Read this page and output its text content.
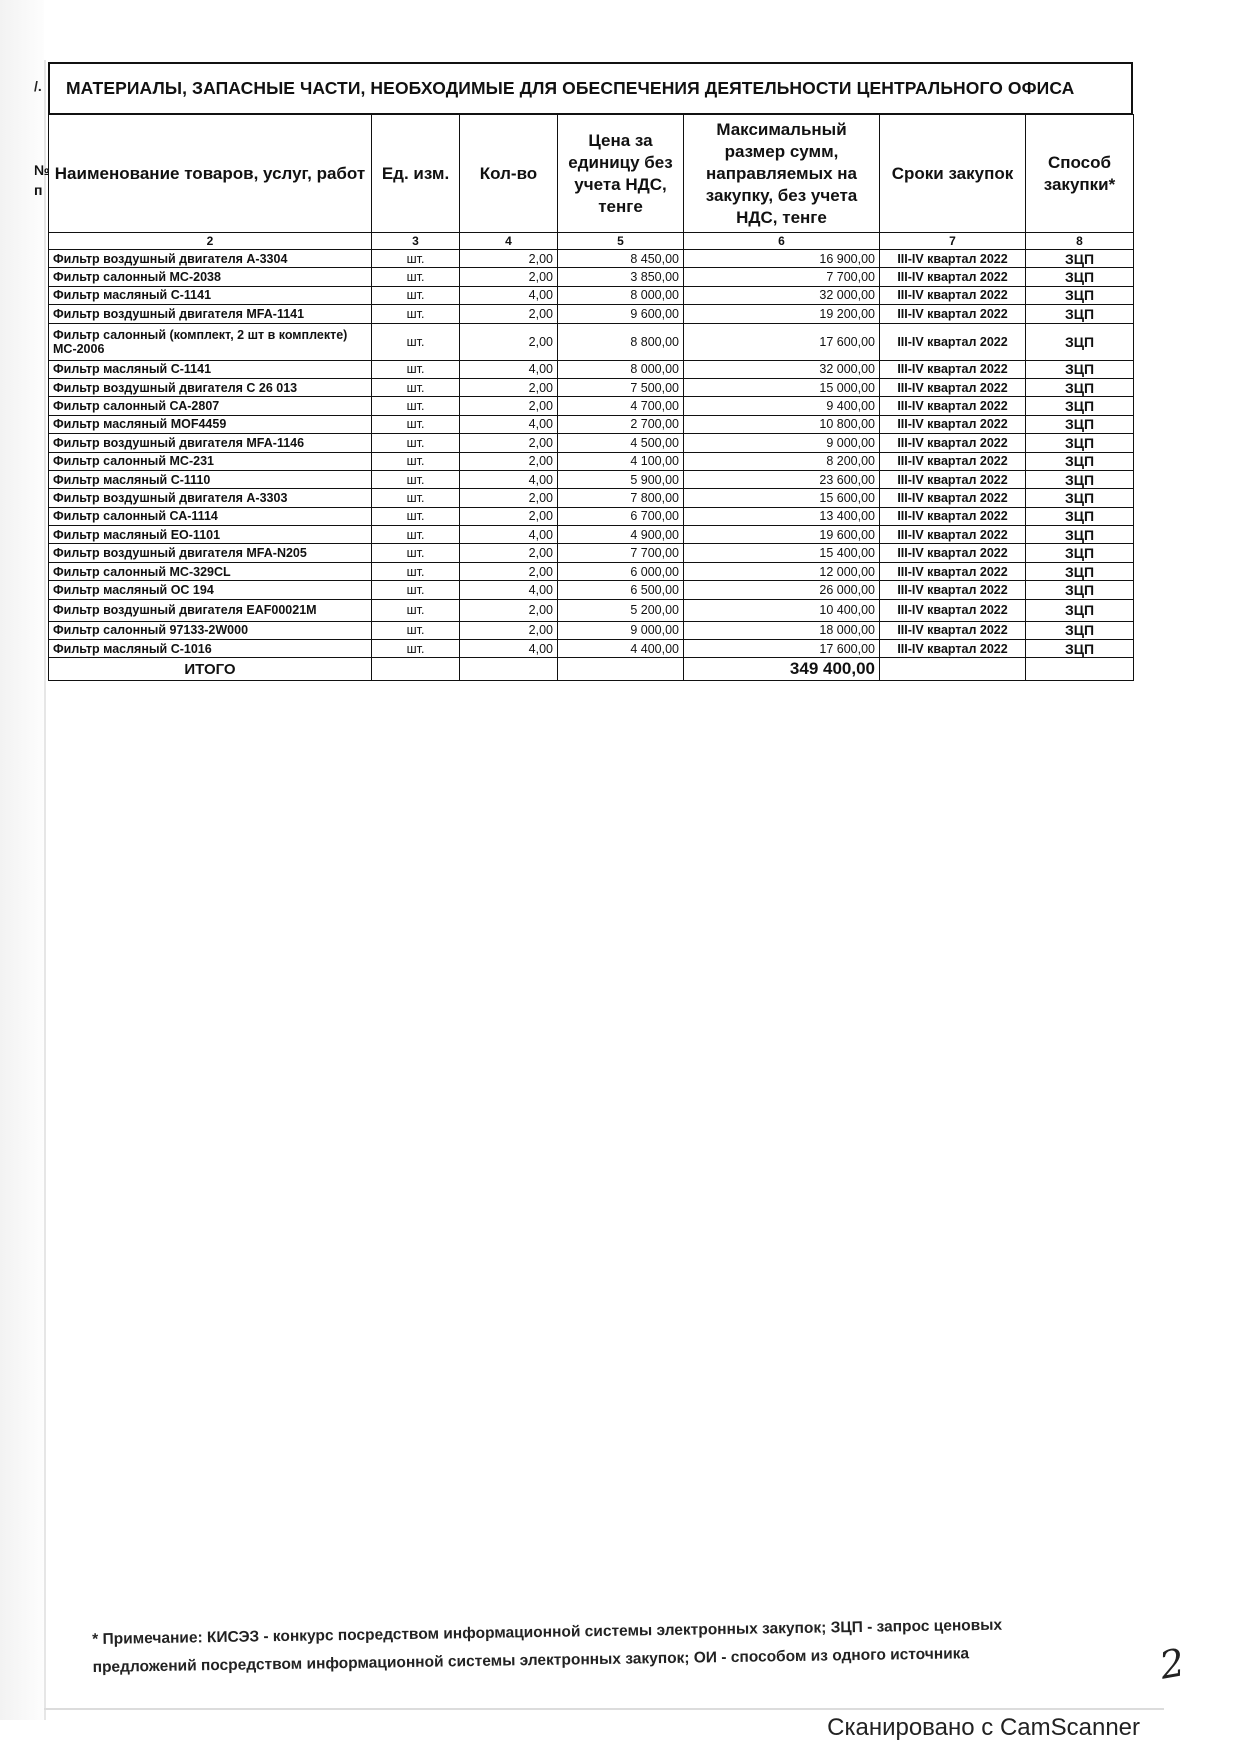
/.
№
п
МАТЕРИАЛЫ, ЗАПАСНЫЕ ЧАСТИ, НЕОБХОДИМЫЕ ДЛЯ ОБЕСПЕЧЕНИЯ ДЕЯТЕЛЬНОСТИ ЦЕНТРАЛЬНОГО ОФИСА
Наименование товаров, услуг, работ	Ед. изм.	Кол-во	Цена за единицу без учета НДС, тенге	Максимальный размер сумм, направляемых на закупку, без учета НДС, тенге	Сроки закупок	Способ закупки*
2	3	4	5	6	7	8
Фильтр воздушный двигателя А-3304	шт.	2,00	8 450,00	16 900,00	III-IV квартал 2022	ЗЦП
Фильтр салонный МС-2038	шт.	2,00	3 850,00	7 700,00	III-IV квартал 2022	ЗЦП
Фильтр масляный С-1141	шт.	4,00	8 000,00	32 000,00	III-IV квартал 2022	ЗЦП
Фильтр воздушный двигателя MFA-1141	шт.	2,00	9 600,00	19 200,00	III-IV квартал 2022	ЗЦП
Фильтр салонный (комплект, 2 шт в комплекте) МС-2006	шт.	2,00	8 800,00	17 600,00	III-IV квартал 2022	ЗЦП
Фильтр масляный С-1141	шт.	4,00	8 000,00	32 000,00	III-IV квартал 2022	ЗЦП
Фильтр воздушный двигателя С 26 013	шт.	2,00	7 500,00	15 000,00	III-IV квартал 2022	ЗЦП
Фильтр салонный СА-2807	шт.	2,00	4 700,00	9 400,00	III-IV квартал 2022	ЗЦП
Фильтр масляный MOF4459	шт.	4,00	2 700,00	10 800,00	III-IV квартал 2022	ЗЦП
Фильтр воздушный двигателя MFA-1146	шт.	2,00	4 500,00	9 000,00	III-IV квартал 2022	ЗЦП
Фильтр салонный МС-231	шт.	2,00	4 100,00	8 200,00	III-IV квартал 2022	ЗЦП
Фильтр масляный С-1110	шт.	4,00	5 900,00	23 600,00	III-IV квартал 2022	ЗЦП
Фильтр воздушный двигателя А-3303	шт.	2,00	7 800,00	15 600,00	III-IV квартал 2022	ЗЦП
Фильтр салонный СА-1114	шт.	2,00	6 700,00	13 400,00	III-IV квартал 2022	ЗЦП
Фильтр масляный ЕО-1101	шт.	4,00	4 900,00	19 600,00	III-IV квартал 2022	ЗЦП
Фильтр воздушный двигателя MFA-N205	шт.	2,00	7 700,00	15 400,00	III-IV квартал 2022	ЗЦП
Фильтр салонный МС-329CL	шт.	2,00	6 000,00	12 000,00	III-IV квартал 2022	ЗЦП
Фильтр масляный ОС 194	шт.	4,00	6 500,00	26 000,00	III-IV квартал 2022	ЗЦП
Фильтр воздушный двигателя EAF00021M	шт.	2,00	5 200,00	10 400,00	III-IV квартал 2022	ЗЦП
Фильтр салонный 97133-2W000	шт.	2,00	9 000,00	18 000,00	III-IV квартал 2022	ЗЦП
Фильтр масляный С-1016	шт.	4,00	4 400,00	17 600,00	III-IV квартал 2022	ЗЦП
ИТОГО				349 400,00		
* Примечание: КИСЭЗ - конкурс посредством информационной системы электронных закупок; ЗЦП - запрос ценовых
предложений посредством информационной системы электронных закупок; ОИ - способом из одного источника	2
Сканировано с CamScanner
